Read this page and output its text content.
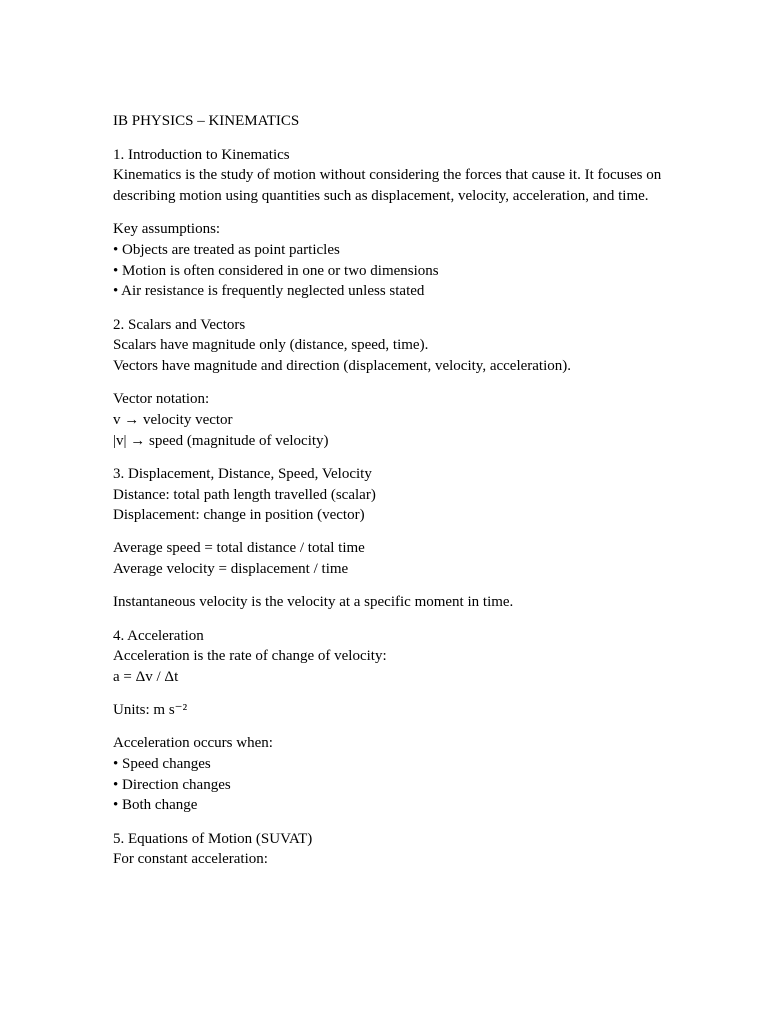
IB PHYSICS – KINEMATICS

1. Introduction to Kinematics
Kinematics is the study of motion without considering the forces that cause it. It focuses on describing motion using quantities such as displacement, velocity, acceleration, and time.
Key assumptions:
• Objects are treated as point particles
• Motion is often considered in one or two dimensions
• Air resistance is frequently neglected unless stated
2. Scalars and Vectors
Scalars have magnitude only (distance, speed, time).
Vectors have magnitude and direction (displacement, velocity, acceleration).
Vector notation:
v → velocity vector
|v| → speed (magnitude of velocity)
3. Displacement, Distance, Speed, Velocity
Distance: total path length travelled (scalar)
Displacement: change in position (vector)
Average speed = total distance / total time
Average velocity = displacement / time
Instantaneous velocity is the velocity at a specific moment in time.
4. Acceleration
Acceleration is the rate of change of velocity:
a = Δv / Δt
Units: m s⁻²
Acceleration occurs when:
• Speed changes
• Direction changes
• Both change
5. Equations of Motion (SUVAT)
For constant acceleration:
